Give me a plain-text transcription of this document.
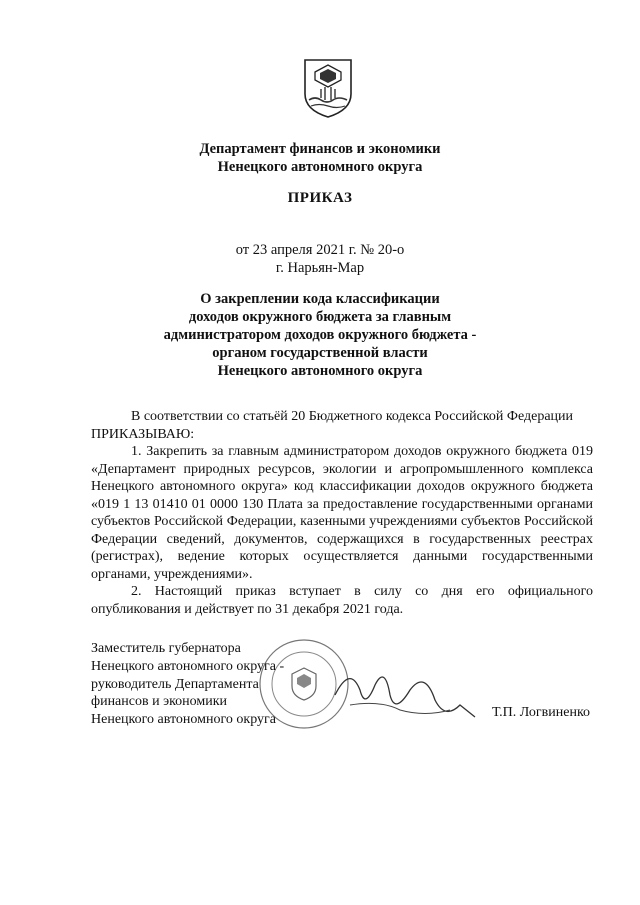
Департамент финансов и экономики
Ненецкого автономного округа
ПРИКАЗ
от 23 апреля 2021 г. № 20-о
г. Нарьян-Мар
О закреплении кода классификации
доходов окружного бюджета за главным
администратором доходов окружного бюджета -
органом государственной власти
Ненецкого автономного округа

В соответствии со статьёй 20 Бюджетного кодекса Российской Федерации

ПРИКАЗЫВАЮ:

1. Закрепить за главным администратором доходов окружного бюджета 019 «Департамент природных ресурсов, экологии и агропромышленного комплекса Ненецкого автономного округа» код классификации доходов окружного бюджета «019 1 13 01410 01 0000 130 Плата за предоставление государственными органами субъектов Российской Федерации, казенными учреждениями субъектов Российской Федерации сведений, документов, содержащихся в государственных реестрах (регистрах), ведение которых осуществляется данными государственными органами, учреждениями».

2. Настоящий приказ вступает в силу со дня его официального опубликования и действует по 31 декабря 2021 года.

Заместитель губернатора
Ненецкого автономного округа -
руководитель Департамента
финансов и экономики
Ненецкого автономного округа	Т.П. Логвиненко
